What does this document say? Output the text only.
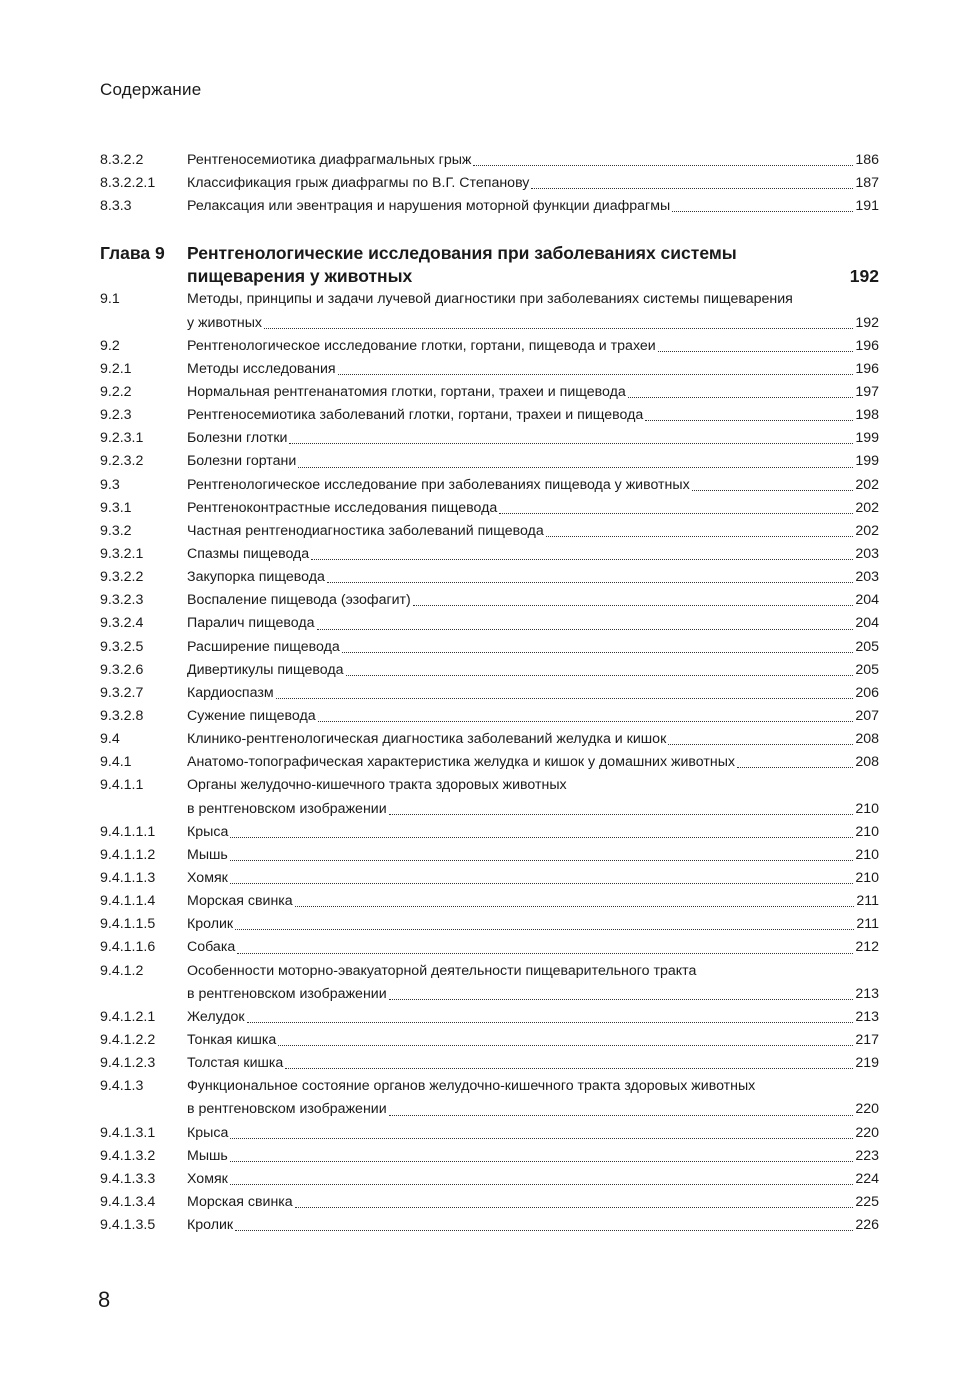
Содержание
8.3.2.2	Рентгеносемиотика диафрагмальных грыж	186
8.3.2.2.1	Классификация грыж диафрагмы по В.Г. Степанову	187
8.3.3	Релаксация или эвентрация и нарушения моторной функции диафрагмы	191
Глава 9	Рентгенологические исследования при заболеваниях системы
пищеварения у животных	192
9.1	Методы, принципы и задачи лучевой диагностики при заболеваниях системы пищеварения
у животных	192
9.2	Рентгенологическое исследование глотки, гортани, пищевода и трахеи	196
9.2.1	Методы исследования	196
9.2.2	Нормальная рентгенанатомия глотки, гортани, трахеи и пищевода	197
9.2.3	Рентгеносемиотика заболеваний глотки, гортани, трахеи и пищевода	198
9.2.3.1	Болезни глотки	199
9.2.3.2	Болезни гортани	199
9.3	Рентгенологическое исследование при заболеваниях пищевода у животных	202
9.3.1	Рентгеноконтрастные исследования пищевода	202
9.3.2	Частная рентгенодиагностика заболеваний пищевода	202
9.3.2.1	Спазмы пищевода	203
9.3.2.2	Закупорка пищевода	203
9.3.2.3	Воспаление пищевода (эзофагит)	204
9.3.2.4	Паралич пищевода	204
9.3.2.5	Расширение пищевода	205
9.3.2.6	Дивертикулы пищевода	205
9.3.2.7	Кардиоспазм	206
9.3.2.8	Сужение пищевода	207
9.4	Клинико-рентгенологическая диагностика заболеваний желудка и кишок	208
9.4.1	Анатомо-топографическая характеристика желудка и кишок у домашних животных	208
9.4.1.1	Органы желудочно-кишечного тракта здоровых животных
в рентгеновском изображении	210
9.4.1.1.1	Крыса	210
9.4.1.1.2	Мышь	210
9.4.1.1.3	Хомяк	210
9.4.1.1.4	Морская свинка	211
9.4.1.1.5	Кролик	211
9.4.1.1.6	Собака	212
9.4.1.2	Особенности моторно-эвакуаторной деятельности пищеварительного тракта
в рентгеновском изображении	213
9.4.1.2.1	Желудок	213
9.4.1.2.2	Тонкая кишка	217
9.4.1.2.3	Толстая кишка	219
9.4.1.3	Функциональное состояние органов желудочно-кишечного тракта здоровых животных
в рентгеновском изображении	220
9.4.1.3.1	Крыса	220
9.4.1.3.2	Мышь	223
9.4.1.3.3	Хомяк	224
9.4.1.3.4	Морская свинка	225
9.4.1.3.5	Кролик	226
8
